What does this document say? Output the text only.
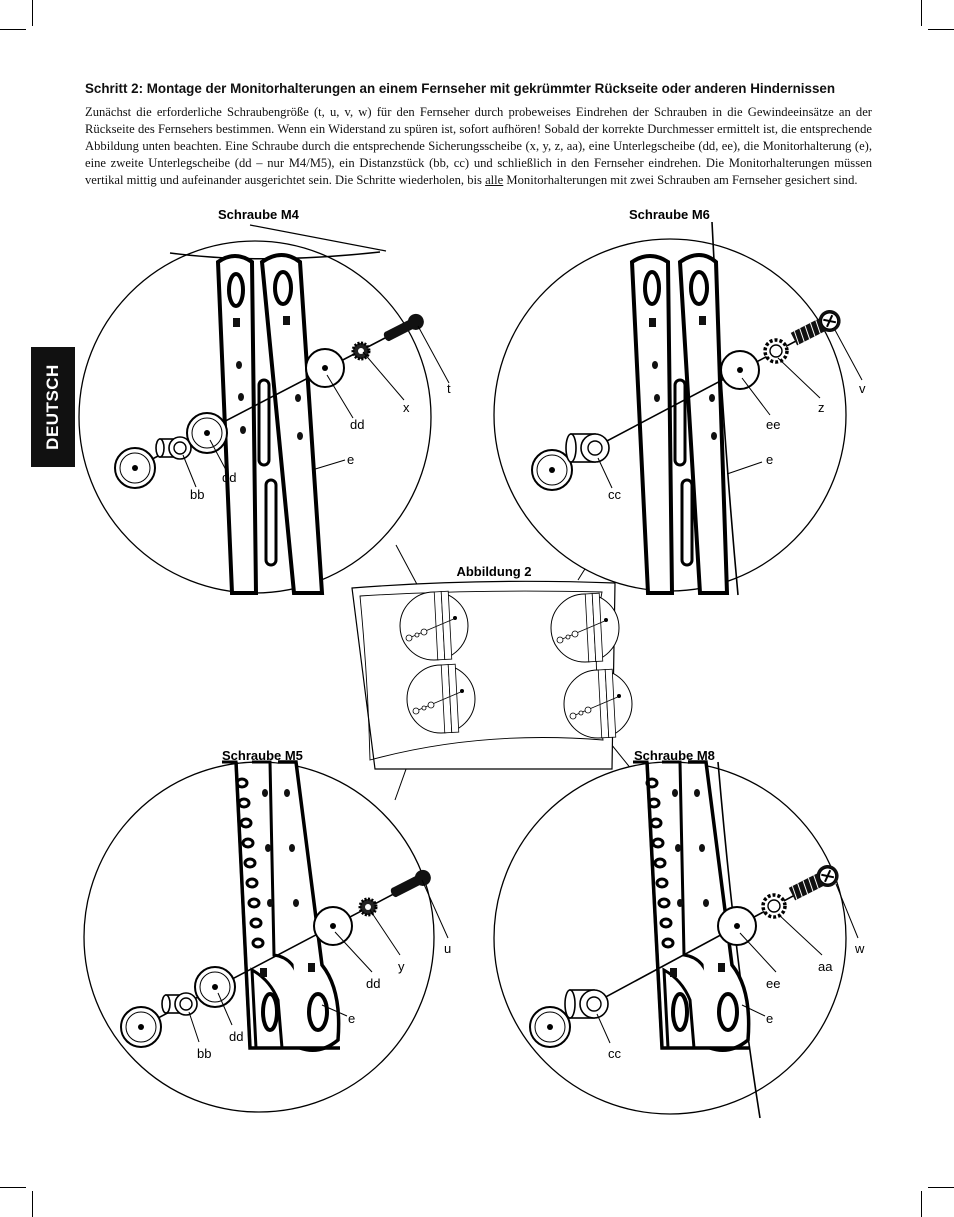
Schritt 2: Montage der Monitorhalterungen an einem Fernseher mit gekrümmter Rückseite oder anderen Hindernissen
Zunächst die erforderliche Schraubengröße (t, u, v, w) für den Fernseher durch probeweises Eindrehen der Schrauben in die Gewindeeinsätze an der Rückseite des Fernsehers bestimmen. Wenn ein Widerstand zu spüren ist, sofort aufhören! Sobald der korrekte Durchmesser ermittelt ist, die entsprechende Abbildung unten beachten. Eine Schraube durch die entsprechende Sicherungsscheibe (x, y, z, aa), eine Unterlegscheibe (dd, ee), die Monitorhalterung (e), eine zweite Unterlegscheibe (dd – nur M4/M5), ein Distanzstück (bb, cc) und schließlich in den Fernseher eindrehen. Die Monitorhalterungen müssen vertikal mittig und aufeinander ausgerichtet sein. Die Schritte wiederholen, bis alle Monitorhalterungen mit zwei Schrauben am Fernseher gesichert sind.
DEUTSCH
Abbildung 2
Schraube M4
t
x
dd
e
dd
bb
Schraube M6
v
z
ee
e
cc
Schraube M5
u
y
dd
e
dd
bb
Schraube M8
w
aa
ee
e
cc
